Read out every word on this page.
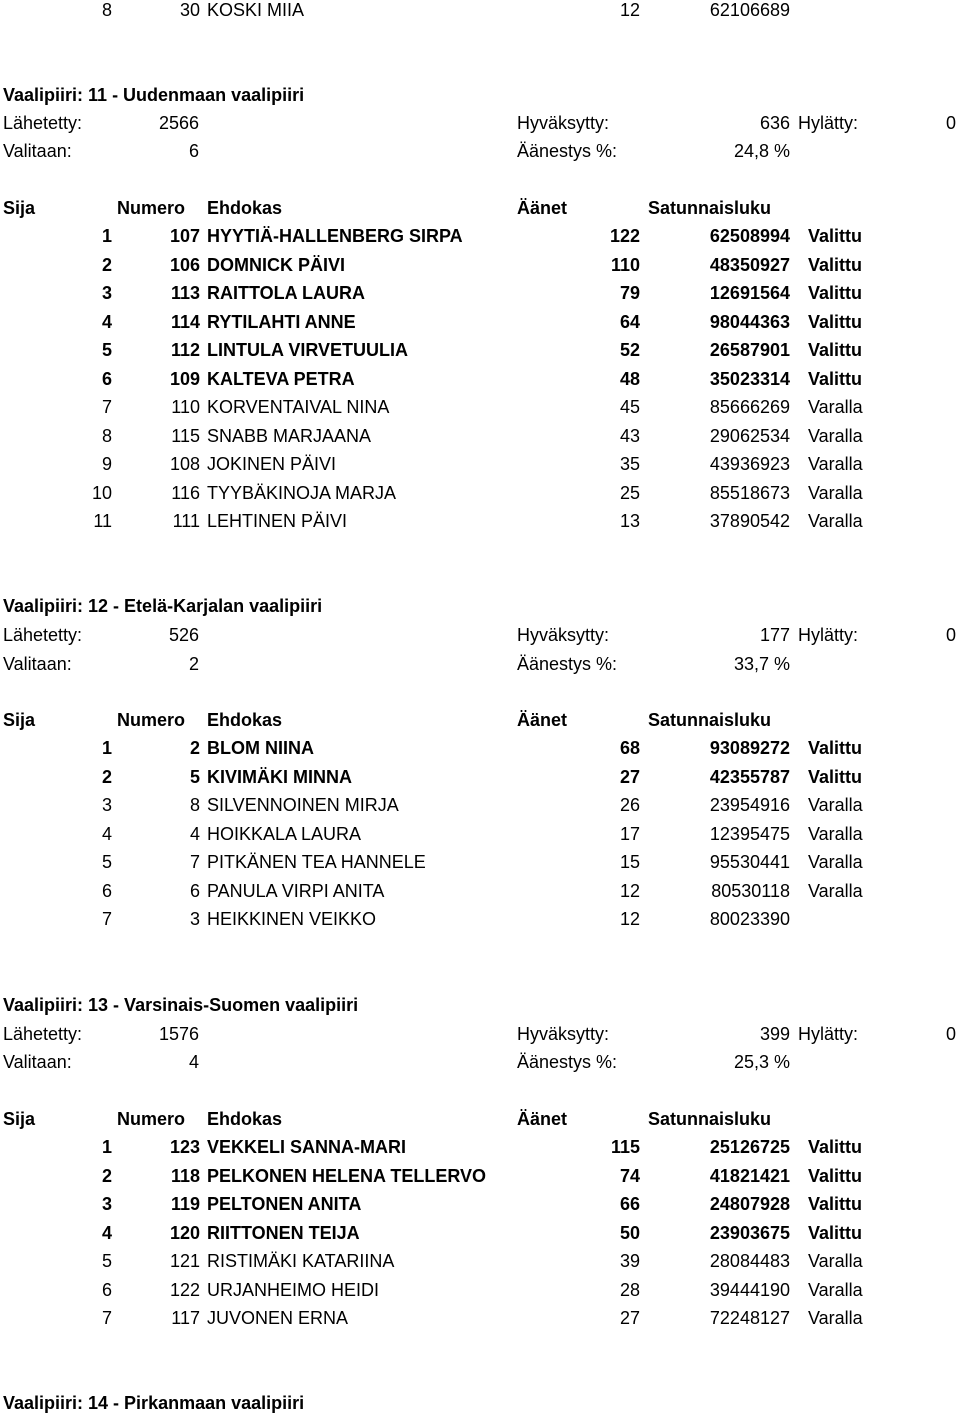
8	30 KOSKI MIIA	12	62106689
Vaalipiiri: 11 - Uudenmaan vaalipiiri
Lähetetty:	2566	Hyväksytty:	636 Hylätty:	0
Valitaan:	6	Äänestys %:	24,8 %
Sija	Numero Ehdokas	Äänet	Satunnaisluku
1	107 HYYTIÄ-HALLENBERG SIRPA	122	62508994 Valittu
2	106 DOMNICK PÄIVI	110	48350927 Valittu
3	113 RAITTOLA LAURA	79	12691564 Valittu
4	114 RYTILAHTI ANNE	64	98044363 Valittu
5	112 LINTULA VIRVETUULIA	52	26587901 Valittu
6	109 KALTEVA PETRA	48	35023314 Valittu
7	110 KORVENTAIVAL NINA	45	85666269 Varalla
8	115 SNABB MARJAANA	43	29062534 Varalla
9	108 JOKINEN PÄIVI	35	43936923 Varalla
10	116 TYYBÄKINOJA MARJA	25	85518673 Varalla
11	111 LEHTINEN PÄIVI	13	37890542 Varalla
Vaalipiiri: 12 - Etelä-Karjalan vaalipiiri
Lähetetty:	526	Hyväksytty:	177 Hylätty:	0
Valitaan:	2	Äänestys %:	33,7 %
Sija	Numero Ehdokas	Äänet	Satunnaisluku
1	2 BLOM NIINA	68	93089272 Valittu
2	5 KIVIMÄKI MINNA	27	42355787 Valittu
3	8 SILVENNOINEN MIRJA	26	23954916 Varalla
4	4 HOIKKALA LAURA	17	12395475 Varalla
5	7 PITKÄNEN TEA HANNELE	15	95530441 Varalla
6	6 PANULA VIRPI ANITA	12	80530118 Varalla
7	3 HEIKKINEN VEIKKO	12	80023390
Vaalipiiri: 13 - Varsinais-Suomen vaalipiiri
Lähetetty:	1576	Hyväksytty:	399 Hylätty:	0
Valitaan:	4	Äänestys %:	25,3 %
Sija	Numero Ehdokas	Äänet	Satunnaisluku
1	123 VEKKELI SANNA-MARI	115	25126725 Valittu
2	118 PELKONEN HELENA TELLERVO	74	41821421 Valittu
3	119 PELTONEN ANITA	66	24807928 Valittu
4	120 RIITTONEN TEIJA	50	23903675 Valittu
5	121 RISTIMÄKI KATARIINA	39	28084483 Varalla
6	122 URJANHEIMO HEIDI	28	39444190 Varalla
7	117 JUVONEN ERNA	27	72248127 Varalla
Vaalipiiri: 14 - Pirkanmaan vaalipiiri
